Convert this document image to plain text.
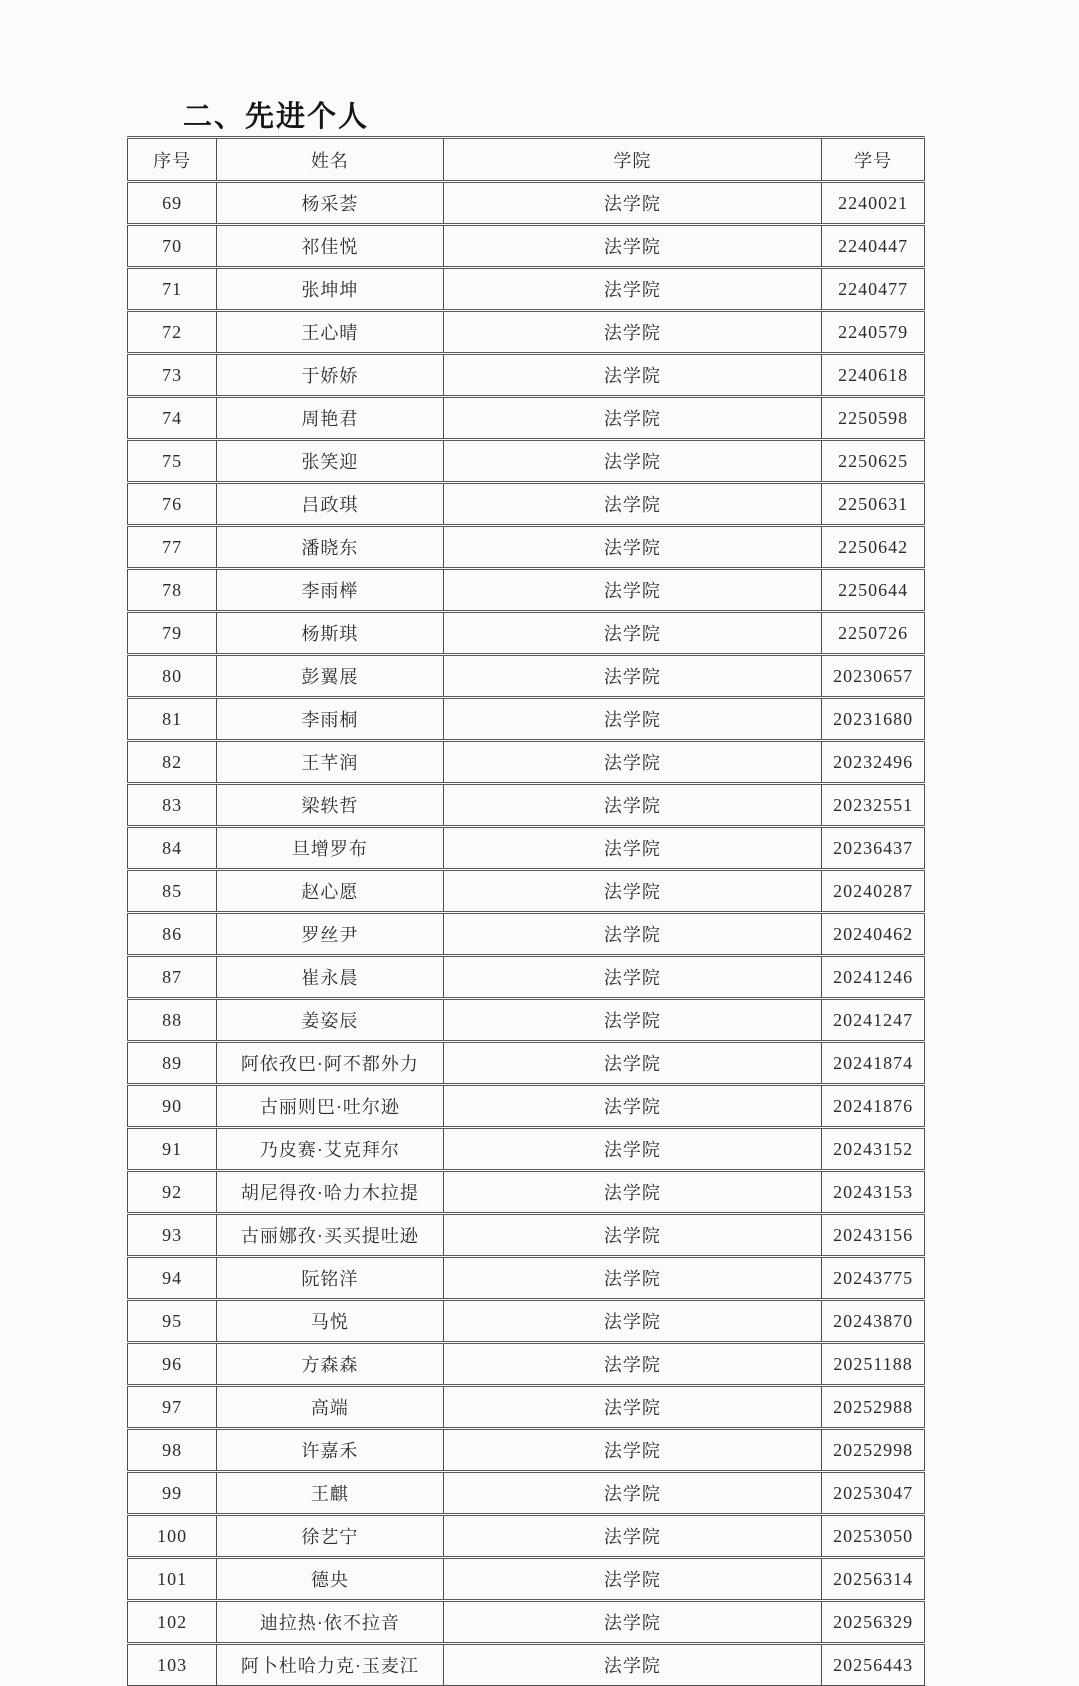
二、先进个人
序号	姓名	学院	学号
69	杨采荟	法学院	2240021
70	祁佳悦	法学院	2240447
71	张坤坤	法学院	2240477
72	王心晴	法学院	2240579
73	于娇娇	法学院	2240618
74	周艳君	法学院	2250598
75	张笑迎	法学院	2250625
76	吕政琪	法学院	2250631
77	潘晓东	法学院	2250642
78	李雨榉	法学院	2250644
79	杨斯琪	法学院	2250726
80	彭翼展	法学院	20230657
81	李雨桐	法学院	20231680
82	王芊润	法学院	20232496
83	梁轶哲	法学院	20232551
84	旦增罗布	法学院	20236437
85	赵心愿	法学院	20240287
86	罗丝尹	法学院	20240462
87	崔永晨	法学院	20241246
88	姜姿辰	法学院	20241247
89	阿依孜巴·阿不都外力	法学院	20241874
90	古丽则巴·吐尔逊	法学院	20241876
91	乃皮赛·艾克拜尔	法学院	20243152
92	胡尼得孜·哈力木拉提	法学院	20243153
93	古丽娜孜·买买提吐逊	法学院	20243156
94	阮铭洋	法学院	20243775
95	马悦	法学院	20243870
96	方森森	法学院	20251188
97	高端	法学院	20252988
98	许嘉禾	法学院	20252998
99	王麒	法学院	20253047
100	徐艺宁	法学院	20253050
101	德央	法学院	20256314
102	迪拉热·依不拉音	法学院	20256329
103	阿卜杜哈力克·玉麦江	法学院	20256443
